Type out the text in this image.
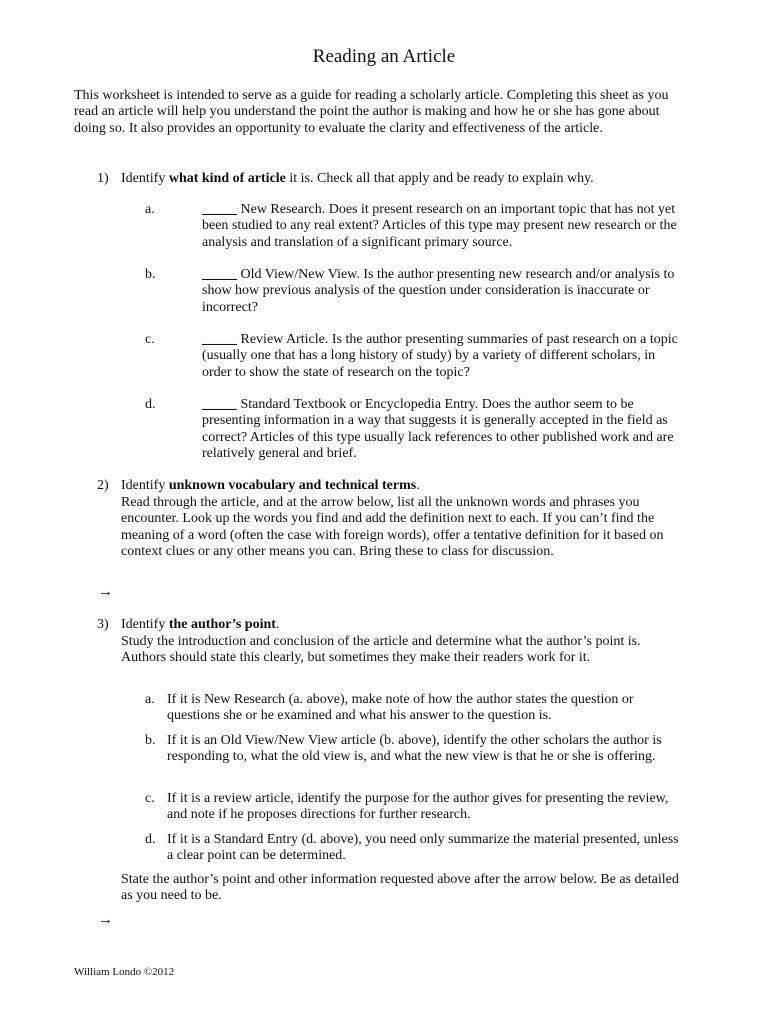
Reading an Article

This worksheet is intended to serve as a guide for reading a scholarly article. Completing this sheet as you read an article will help you understand the point the author is making and how he or she has gone about doing so. It also provides an opportunity to evaluate the clarity and effectiveness of the article.

1) Identify what kind of article it is. Check all that apply and be ready to explain why.
a.	_____ New Research. Does it present research on an important topic that has not yet been studied to any real extent? Articles of this type may present new research or the analysis and translation of a significant primary source.
b.	_____ Old View/New View. Is the author presenting new research and/or analysis to show how previous analysis of the question under consideration is inaccurate or incorrect?
c.	_____ Review Article. Is the author presenting summaries of past research on a topic (usually one that has a long history of study) by a variety of different scholars, in order to show the state of research on the topic?
d.	_____ Standard Textbook or Encyclopedia Entry. Does the author seem to be presenting information in a way that suggests it is generally accepted in the field as correct? Articles of this type usually lack references to other published work and are relatively general and brief.
2) Identify unknown vocabulary and technical terms.

Read through the article, and at the arrow below, list all the unknown words and phrases you encounter. Look up the words you find and add the definition next to each. If you can’t find the meaning of a word (often the case with foreign words), offer a tentative definition for it based on context clues or any other means you can. Bring these to class for discussion.

→
3) Identify the author’s point.

Study the introduction and conclusion of the article and determine what the author’s point is. Authors should state this clearly, but sometimes they make their readers work for it.

a. If it is New Research (a. above), make note of how the author states the question or questions she or he examined and what his answer to the question is.

b. If it is an Old View/New View article (b. above), identify the other scholars the author is responding to, what the old view is, and what the new view is that he or she is offering.

c. If it is a review article, identify the purpose for the author gives for presenting the review, and note if he proposes directions for further research.

d. If it is a Standard Entry (d. above), you need only summarize the material presented, unless a clear point can be determined.

State the author’s point and other information requested above after the arrow below. Be as detailed as you need to be.

→
William Londo ©2012
